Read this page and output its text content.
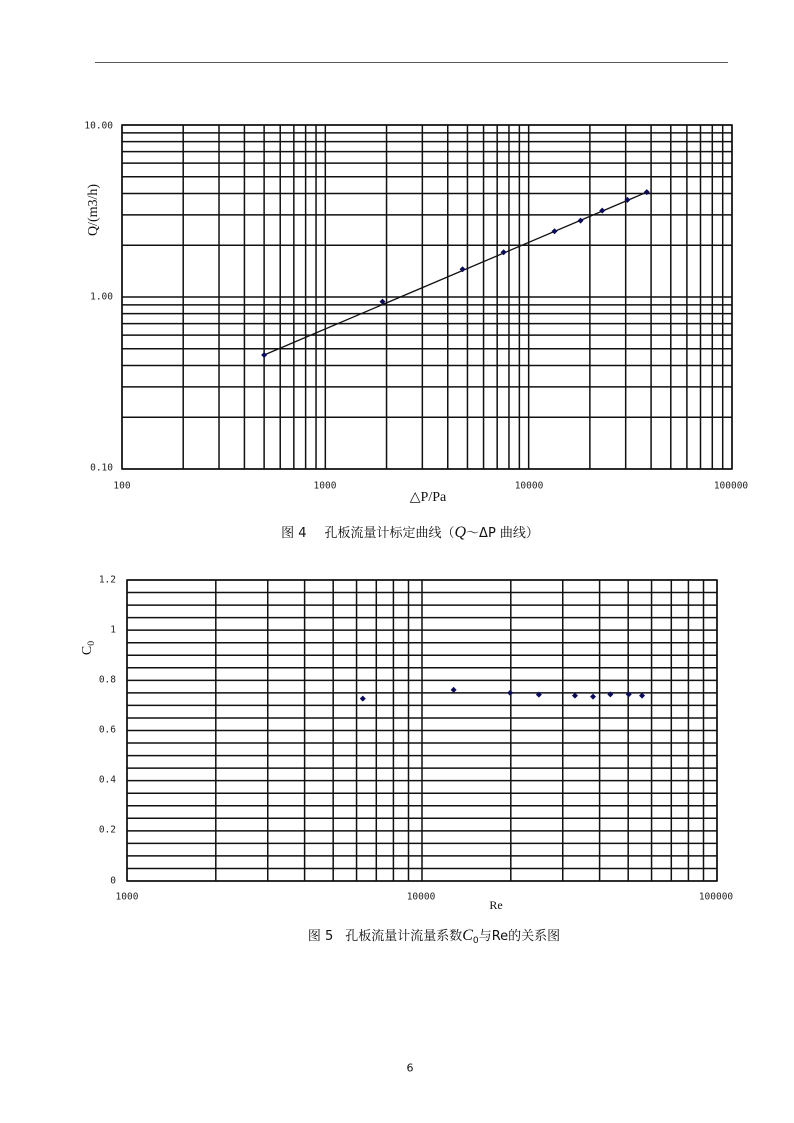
10.00
1.00
0.10
100	1000	10000	100000
△P/Pa
Q/(m3/h)
图 4 孔板流量计标定曲线（Q～ΔP 曲线）
1.2
1
0.8
0.6
0.4
0.2
0
1000	10000	100000
Re
$C_0$
图 5 孔板流量计流量系数$C_0$与Re的关系图
6
